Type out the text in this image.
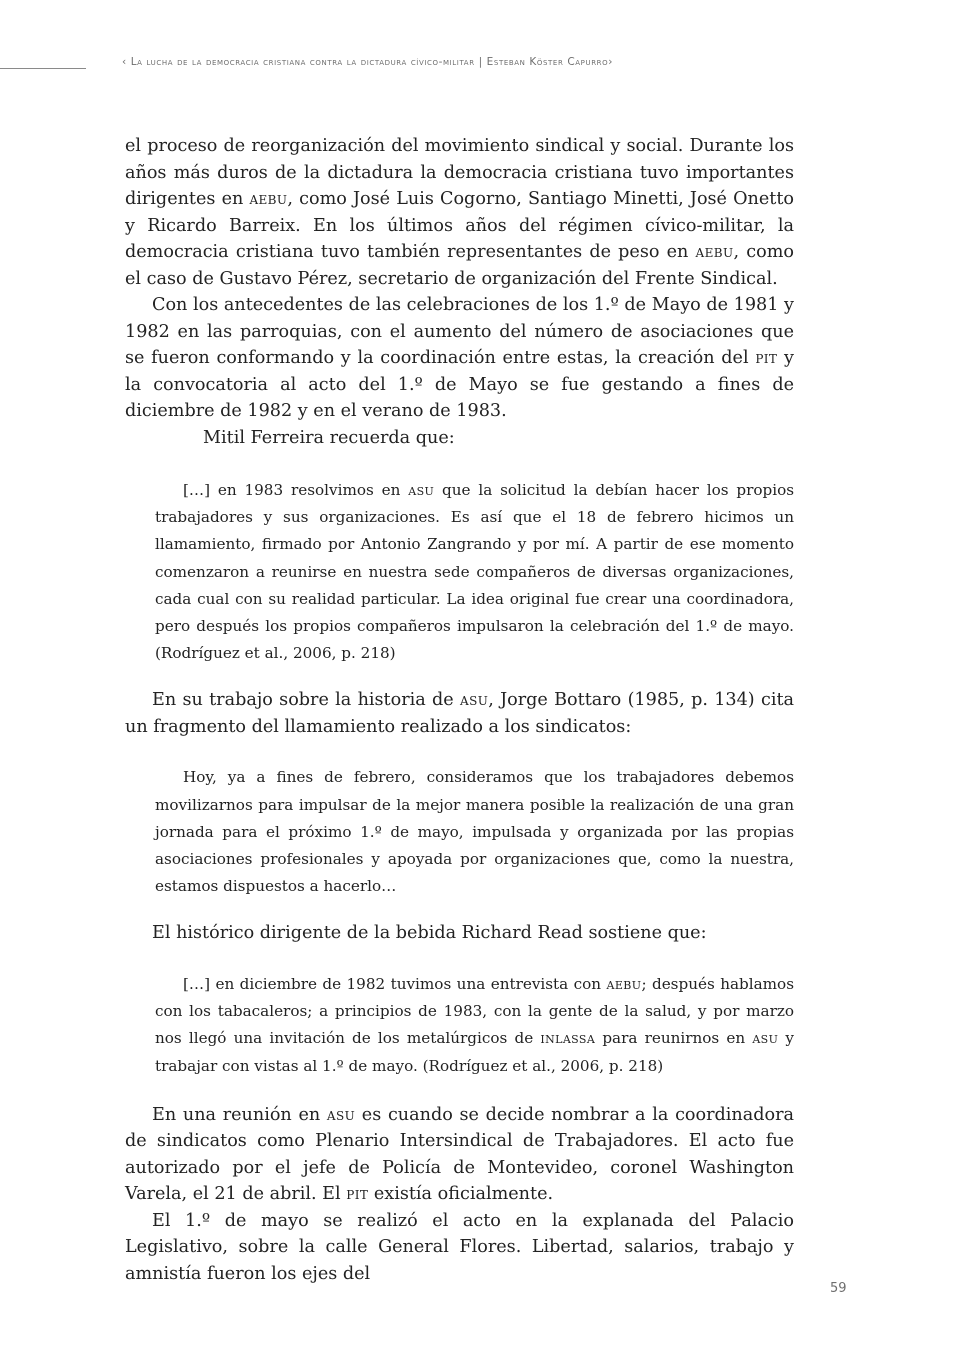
‹ La lucha de la democracia cristiana contra la dictadura cívico-militar | Esteban Köster Capurro›

el proceso de reorganización del movimiento sindical y social. Durante los años más duros de la dictadura la democracia cristiana tuvo importantes dirigentes en aebu, como José Luis Cogorno, Santiago Minetti, José Onetto y Ricardo Barreix. En los últimos años del régimen cívico-militar, la democracia cristiana tuvo también representantes de peso en aebu, como el caso de Gustavo Pérez, secretario de organización del Frente Sindical.

Con los antecedentes de las celebraciones de los 1.º de Mayo de 1981 y 1982 en las parroquias, con el aumento del número de asociaciones que se fueron conformando y la coordinación entre estas, la creación del pit y la convocatoria al acto del 1.º de Mayo se fue gestando a fines de diciembre de 1982 y en el verano de 1983.

Mitil Ferreira recuerda que:

[…] en 1983 resolvimos en asu que la solicitud la debían hacer los propios trabajadores y sus organizaciones. Es así que el 18 de febrero hicimos un llamamiento, firmado por Antonio Zangrando y por mí. A partir de ese momento comenzaron a reunirse en nuestra sede compañeros de diversas organizaciones, cada cual con su realidad particular. La idea original fue crear una coordinadora, pero después los propios compañeros impulsaron la celebración del 1.º de mayo. (Rodríguez et al., 2006, p. 218)

En su trabajo sobre la historia de asu, Jorge Bottaro (1985, p. 134) cita un fragmento del llamamiento realizado a los sindicatos:

Hoy, ya a fines de febrero, consideramos que los trabajadores debemos movilizarnos para impulsar de la mejor manera posible la realización de una gran jornada para el próximo 1.º de mayo, impulsada y organizada por las propias asociaciones profesionales y apoyada por organizaciones que, como la nuestra, estamos dispuestos a hacerlo…

El histórico dirigente de la bebida Richard Read sostiene que:

[…] en diciembre de 1982 tuvimos una entrevista con aebu; después hablamos con los tabacaleros; a principios de 1983, con la gente de la salud, y por marzo nos llegó una invitación de los metalúrgicos de inlassa para reunirnos en asu y trabajar con vistas al 1.º de mayo. (Rodríguez et al., 2006, p. 218)

En una reunión en asu es cuando se decide nombrar a la coordinadora de sindicatos como Plenario Intersindical de Trabajadores. El acto fue autorizado por el jefe de Policía de Montevideo, coronel Washington Varela, el 21 de abril. El pit existía oficialmente.

El 1.º de mayo se realizó el acto en la explanada del Palacio Legislativo, sobre la calle General Flores. Libertad, salarios, trabajo y amnistía fueron los ejes del

59
